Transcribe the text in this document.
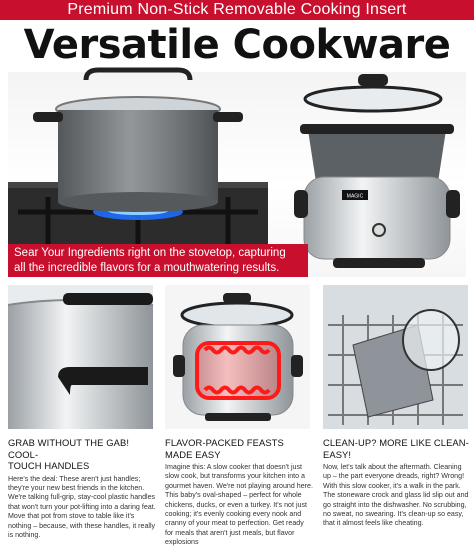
Premium Non-Stick Removable Cooking Insert
Versatile Cookware
MAGIC
Sear Your Ingredients right on the stovetop, capturing
all the incredible flavors for a mouthwatering results.
GRAB WITHOUT THE GAB! COOL-
TOUCH HANDLES
Here's the deal: These aren't just handles; they're your new best friends in the kitchen. We're talking full-grip, stay-cool plastic handles that won't turn your pot-lifting into a daring feat. Move that pot from stove to table like it's nothing – because, with these handles, it really is nothing.
FLAVOR-PACKED FEASTS MADE EASY
Imagine this: A slow cooker that doesn't just slow cook, but transforms your kitchen into a gourmet haven. We're not playing around here. This baby's oval-shaped – perfect for whole chickens, ducks, or even a turkey. It's not just cooking; it's evenly cooking every nook and cranny of your meat to perfection. Get ready for meals that aren't just meals, but flavor explosions
CLEAN-UP? MORE LIKE CLEAN-EASY!
Now, let's talk about the aftermath. Cleaning up – the part everyone dreads, right? Wrong! With this slow cooker, it's a walk in the park. The stoneware crock and glass lid slip out and go straight into the dishwasher. No scrubbing, no sweat, no swearing. It's clean-up so easy, that it almost feels like cheating.
